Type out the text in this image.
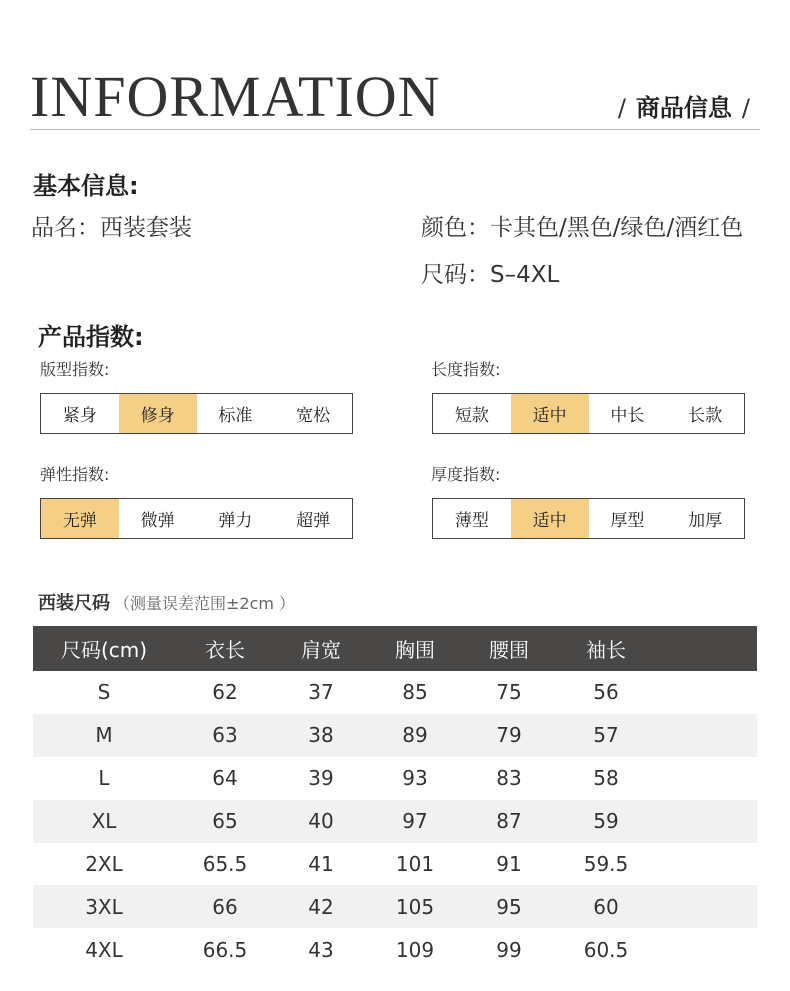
INFORMATION	/ 商品信息 /
基本信息:
品名：西装套装	颜色：卡其色/黑色/绿色/酒红色
尺码：S–4XL
产品指数:
版型指数:
紧身	修身	标准	宽松
长度指数:
短款	适中	中长	长款
弹性指数:
无弹	微弹	弹力	超弹
厚度指数:
薄型	适中	厚型	加厚
西装尺码 （测量误差范围±2cm ）
尺码(cm)	衣长	肩宽	胸围	腰围	袖长
S	62	37	85	75	56
M	63	38	89	79	57
L	64	39	93	83	58
XL	65	40	97	87	59
2XL	65.5	41	101	91	59.5
3XL	66	42	105	95	60
4XL	66.5	43	109	99	60.5
